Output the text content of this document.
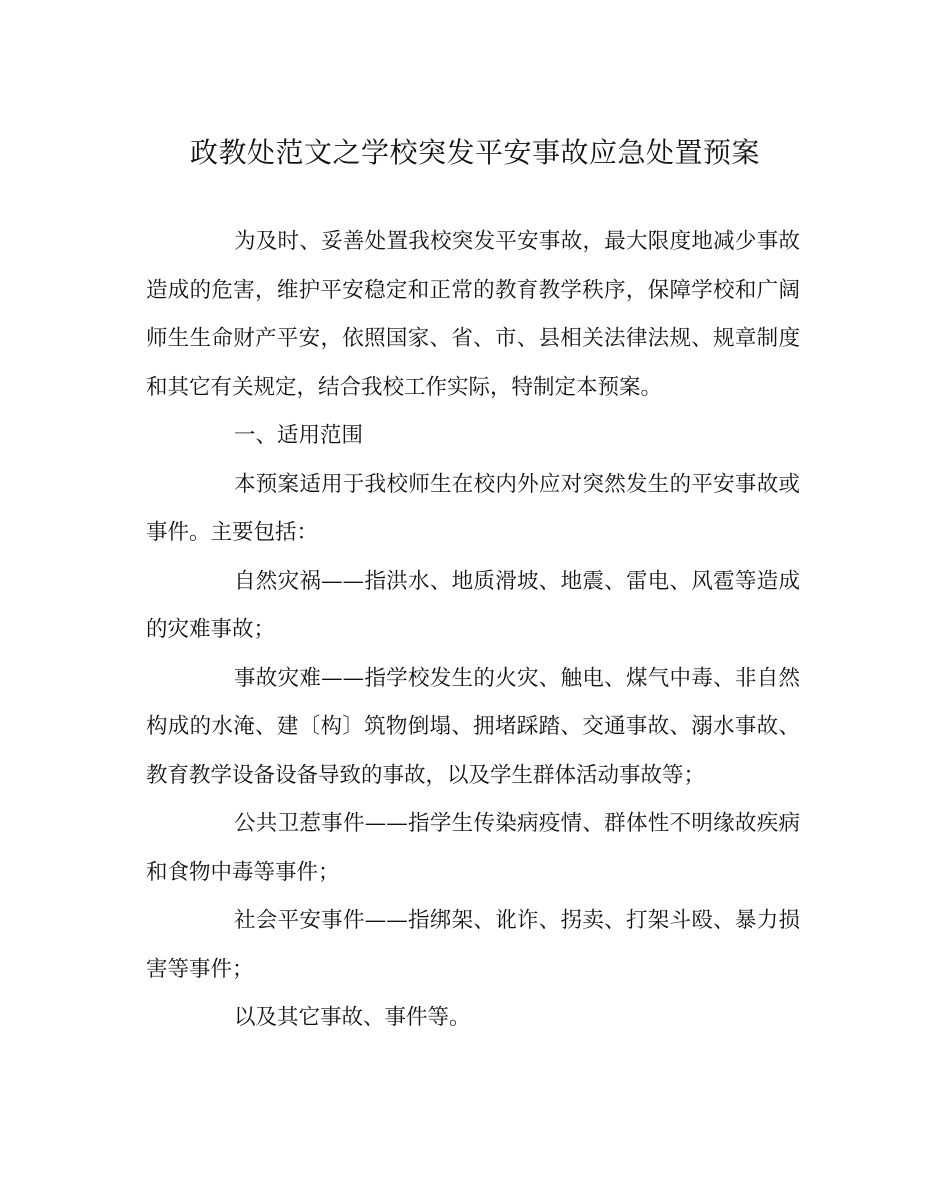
政教处范文之学校突发平安事故应急处置预案

为及时、妥善处置我校突发平安事故，最大限度地减少事故造成的危害，维护平安稳定和正常的教育教学秩序，保障学校和广阔师生生命财产平安，依照国家、省、市、县相关法律法规、规章制度和其它有关规定，结合我校工作实际，特制定本预案。

一、适用范围

本预案适用于我校师生在校内外应对突然发生的平安事故或事件。主要包括：

自然灾祸——指洪水、地质滑坡、地震、雷电、风雹等造成的灾难事故；

事故灾难——指学校发生的火灾、触电、煤气中毒、非自然构成的水淹、建〔构〕筑物倒塌、拥堵踩踏、交通事故、溺水事故、教育教学设备设备导致的事故，以及学生群体活动事故等；

公共卫惹事件——指学生传染病疫情、群体性不明缘故疾病和食物中毒等事件；

社会平安事件——指绑架、讹诈、拐卖、打架斗殴、暴力损害等事件；

以及其它事故、事件等。
